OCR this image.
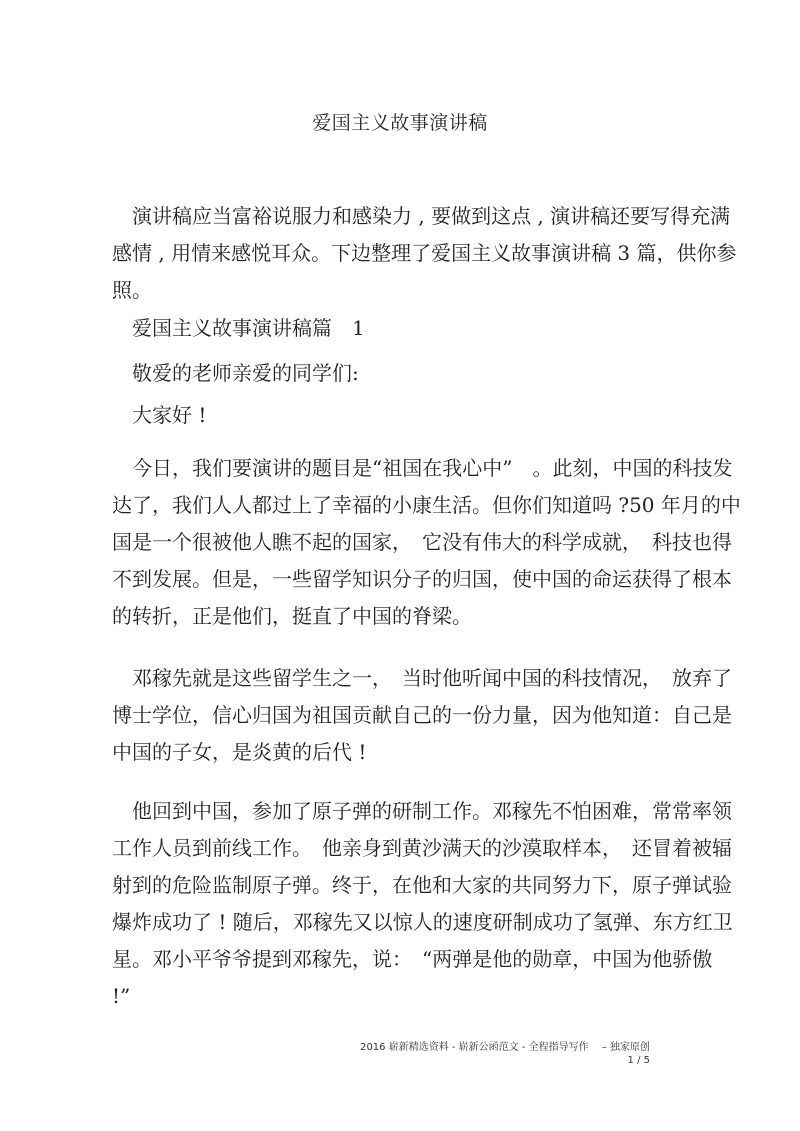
爱国主义故事演讲稿
　演讲稿应当富裕说服力和感染力 , 要做到这点 , 演讲稿还要写得充满
感情 , 用情来感悦耳众。下边整理了爱国主义故事演讲稿 3 篇，供你参
照。
　爱国主义故事演讲稿篇　1
　敬爱的老师亲爱的同学们:
　大家好 !
　今日，我们要演讲的题目是“祖国在我心中”　。此刻，中国的科技发
达了，我们人人都过上了幸福的小康生活。但你们知道吗 ?50 年月的中
国是一个很被他人瞧不起的国家，　它没有伟大的科学成就，　科技也得
不到发展。但是，一些留学知识分子的归国，使中国的命运获得了根本
的转折，正是他们，挺直了中国的脊梁。
　邓稼先就是这些留学生之一，　当时他听闻中国的科技情况，　放弃了
博士学位，信心归国为祖国贡献自己的一份力量，因为他知道：自己是
中国的子女，是炎黄的后代 !
　他回到中国，参加了原子弹的研制工作。邓稼先不怕困难，常常率领
工作人员到前线工作。　他亲身到黄沙满天的沙漠取样本，　还冒着被辐
射到的危险监制原子弹。终于，在他和大家的共同努力下，原子弹试验
爆炸成功了 ! 随后，邓稼先又以惊人的速度研制成功了氢弹、东方红卫
星。邓小平爷爷提到邓稼先，说：　“两弹是他的勋章，中国为他骄傲
!”
2016 崭新精选资料 - 崭新公函范文 - 全程指导写作　 – 独家原创
1 / 5
